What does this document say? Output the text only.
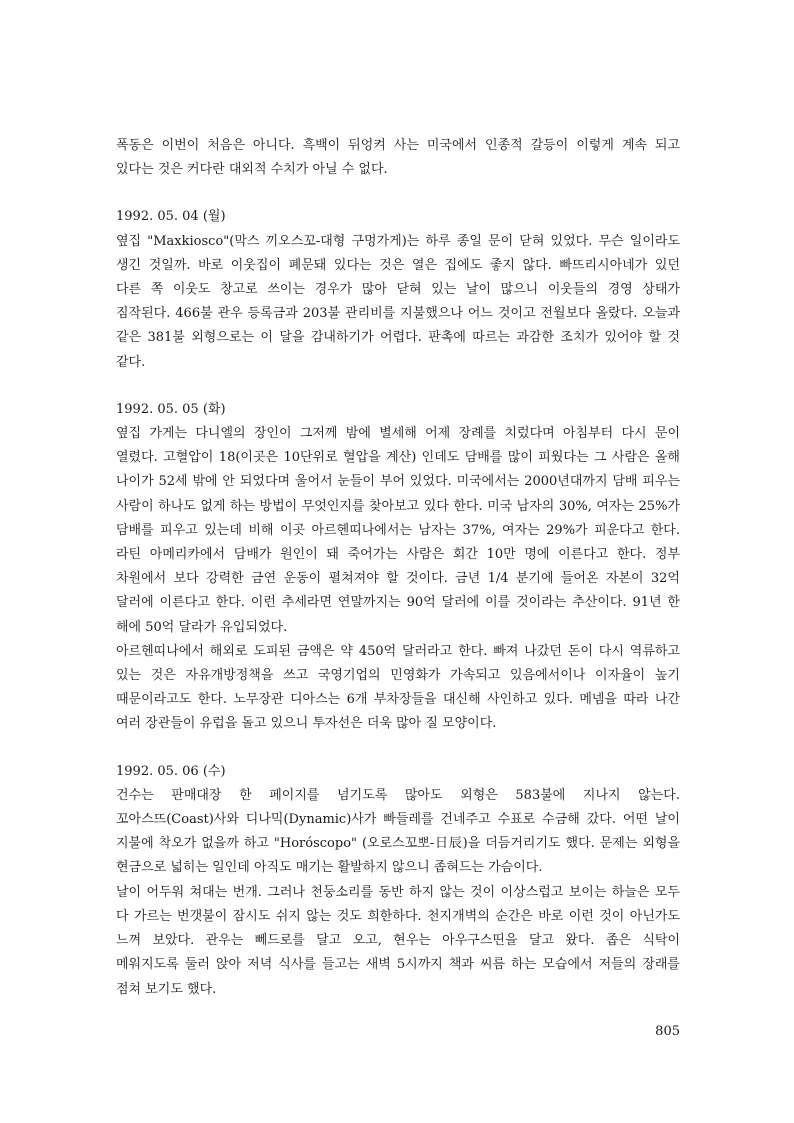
폭동은 이번이 처음은 아니다. 흑백이 뒤엉켜 사는 미국에서 인종적 갈등이 이렇게 계속 되고
있다는 것은 커다란 대외적 수치가 아닐 수 없다.
1992. 05. 04 (월)
옆집 "Maxkiosco"(막스 끼오스꼬-대형 구멍가게)는 하루 종일 문이 닫혀 있었다. 무슨 일이라도
생긴 것일까. 바로 이웃집이 폐문돼 있다는 것은 열은 집에도 좋지 않다. 빠뜨리시아네가 있던
다른 쪽 이웃도 창고로 쓰이는 경우가 많아 닫혀 있는 날이 많으니 이웃들의 경영 상태가
짐작된다. 466불 관우 등록금과 203불 관리비를 지불했으나 어느 것이고 전월보다 올랐다. 오늘과
같은 381불 외형으로는 이 달을 감내하기가 어렵다. 판촉에 따르는 과감한 조치가 있어야 할 것
같다.
1992. 05. 05 (화)
옆집 가게는 다니엘의 장인이 그저께 밤에 별세해 어제 장례를 치렀다며 아침부터 다시 문이
열렸다. 고혈압이 18(이곳은 10단위로 혈압을 계산) 인데도 담배를 많이 피웠다는 그 사람은 올해
나이가 52세 밖에 안 되었다며 울어서 눈들이 부어 있었다. 미국에서는 2000년대까지 담배 피우는
사람이 하나도 없게 하는 방법이 무엇인지를 찾아보고 있다 한다. 미국 남자의 30%, 여자는 25%가
담배를 피우고 있는데 비해 이곳 아르헨띠나에서는 남자는 37%, 여자는 29%가 피운다고 한다.
라틴 아메리카에서 담배가 원인이 돼 죽어가는 사람은 회간 10만 명에 이른다고 한다. 정부
차원에서 보다 강력한 금연 운동이 펼쳐져야 할 것이다. 금년 1/4 분기에 들어온 자본이 32억
달러에 이른다고 한다. 이런 추세라면 연말까지는 90억 달러에 이를 것이라는 추산이다. 91년 한
해에 50억 달라가 유입되었다.
아르헨띠나에서 해외로 도피된 금액은 약 450억 달러라고 한다. 빠져 나갔던 돈이 다시 역류하고
있는 것은 자유개방정책을 쓰고 국영기업의 민영화가 가속되고 있음에서이나 이자율이 높기
때문이라고도 한다. 노무장관 디아스는 6개 부차장들을 대신해 사인하고 있다. 메넴을 따라 나간
여러 장관들이 유럽을 돌고 있으니 투자선은 더욱 많아 질 모양이다.
1992. 05. 06 (수)
건수는 판매대장 한 페이지를 넘기도록 많아도 외형은 583불에 지나지 않는다.
꼬아스뜨(Coast)사와 디나믹(Dynamic)사가 빠들레를 건네주고 수표로 수금해 갔다. 어떤 날이
지불에 착오가 없을까 하고 "Horóscopo" (오로스꼬뽀-日辰)을 더듬거리기도 했다. 문제는 외형을
현금으로 넓히는 일인데 아직도 매기는 활발하지 않으니 좁혀드는 가슴이다.
날이 어두워 쳐대는 번개. 그러나 천둥소리를 동반 하지 않는 것이 이상스럽고 보이는 하늘은 모두
다 가르는 번갯불이 잠시도 쉬지 않는 것도 희한하다. 천지개벽의 순간은 바로 이런 것이 아닌가도
느껴 보았다. 관우는 뻬드로를 달고 오고, 현우는 아우구스띤을 달고 왔다. 좁은 식탁이
메워지도록 둘러 앉아 저녁 식사를 들고는 새벽 5시까지 책과 씨름 하는 모습에서 저들의 장래를
점쳐 보기도 했다.
805
